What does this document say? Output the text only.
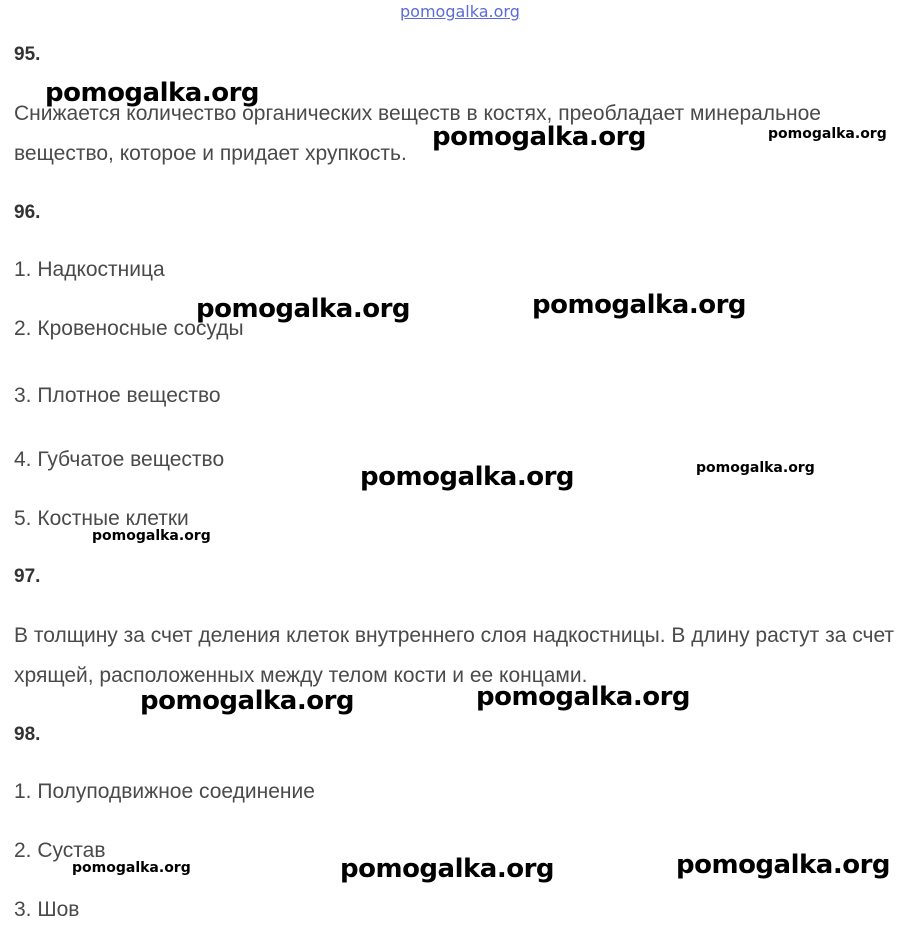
95.
Снижается количество органических веществ в костях, преобладает минеральное вещество, которое и придает хрупкость.
96.
1. Надкостница
2. Кровеносные сосуды
3. Плотное вещество
4. Губчатое вещество
5. Костные клетки
97.
В толщину за счет деления клеток внутреннего слоя надкостницы. В длину растут за счет хрящей, расположенных между телом кости и ее концами.
98.
1. Полуподвижное соединение
2. Сустав
3. Шов
pomogalka.org
pomogalka.org
pomogalka.org	pomogalka.org
pomogalka.org	pomogalka.org
pomogalka.org	pomogalka.org
pomogalka.org
pomogalka.org	pomogalka.org
pomogalka.org	pomogalka.org	pomogalka.org
